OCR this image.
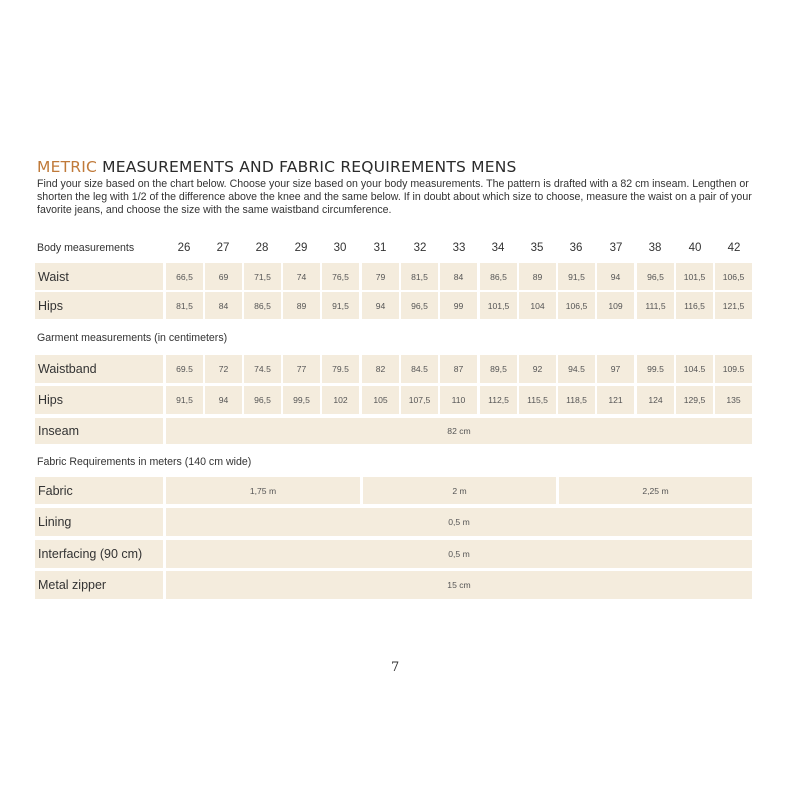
METRIC MEASUREMENTS AND FABRIC REQUIREMENTS MENS
Find your size based on the chart below. Choose your size based on your body measurements. The pattern is drafted with a 82 cm inseam. Lengthen or shorten the leg with 1/2 of the difference above the knee and the same below. If in doubt about which size to choose, measure the waist on a pair of your favorite jeans, and choose the size with the same waistband circumference.
Body measurements	26	27	28	29	30	31	32	33	34	35	36	37	38	40	42
Waist	66,5	69	71,5	74	76,5	79	81,5	84	86,5	89	91,5	94	96,5	101,5	106,5
Hips	81,5	84	86,5	89	91,5	94	96,5	99	101,5	104	106,5	109	111,5	116,5	121,5
Garment measurements (in centimeters)
Waistband	69.5	72	74.5	77	79.5	82	84.5	87	89,5	92	94.5	97	99.5	104.5	109.5
Hips	91,5	94	96,5	99,5	102	105	107,5	110	112,5	115,5	118,5	121	124	129,5	135
Inseam	82 cm
Fabric Requirements in meters (140 cm wide)
Fabric	1,75 m	2 m	2,25 m
Lining	0,5 m
Interfacing (90 cm)	0,5 m
Metal zipper	15 cm
7
